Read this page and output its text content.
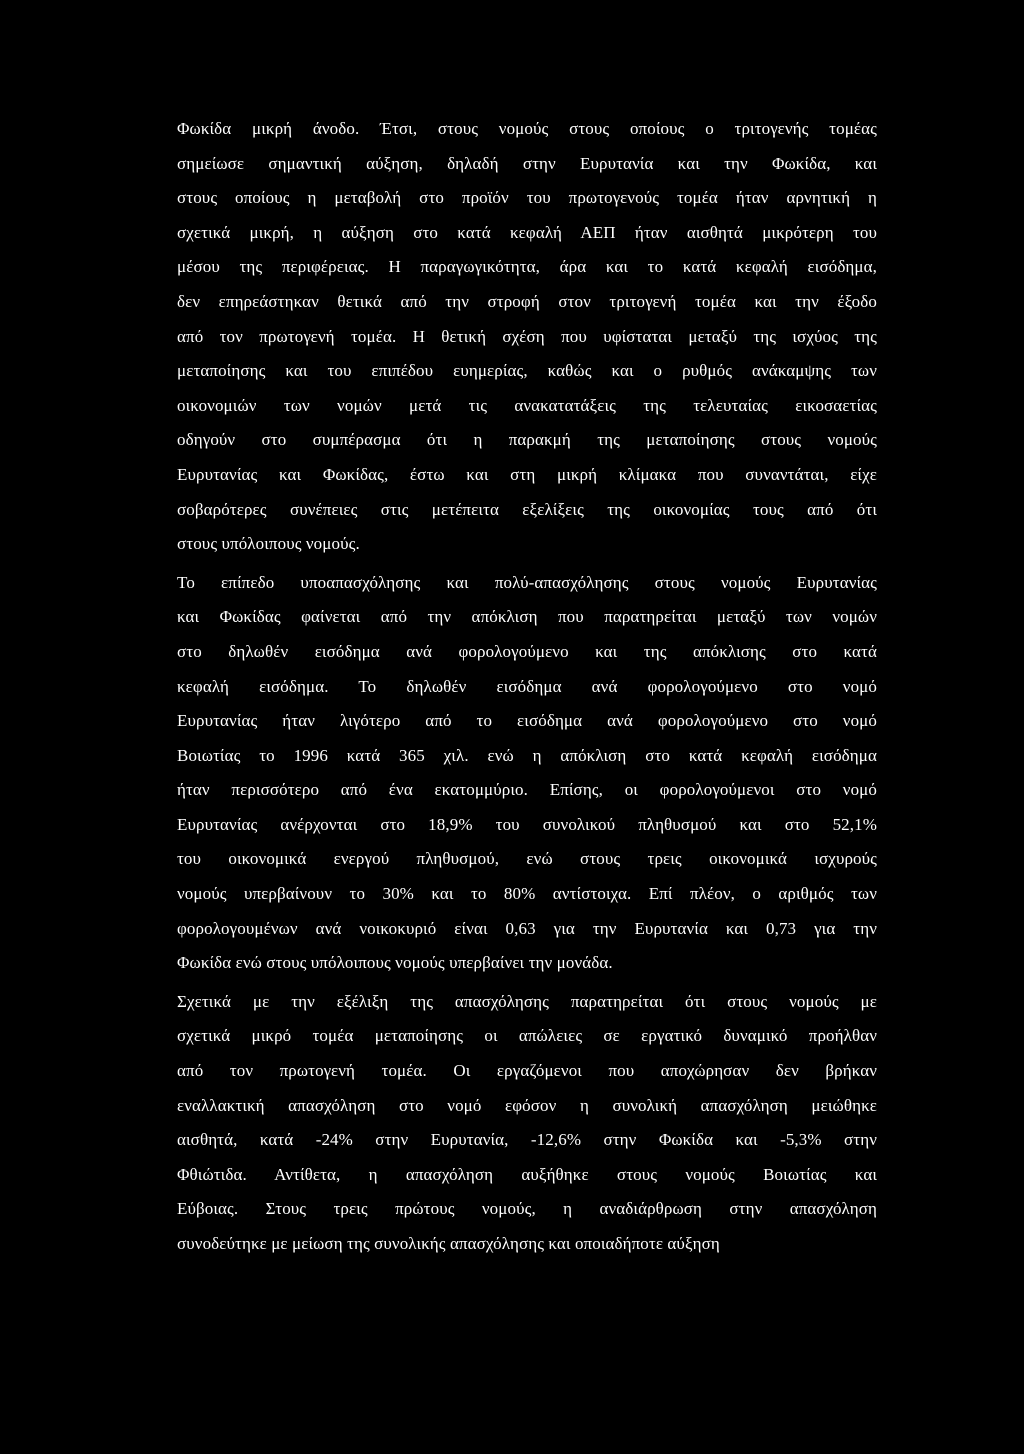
Φωκίδα μικρή άνοδο. Έτσι, στους νομούς στους οποίους ο τριτογενής τομέας
σημείωσε σημαντική αύξηση, δηλαδή στην Ευρυτανία και την Φωκίδα, και
στους οποίους η μεταβολή στο προϊόν του πρωτογενούς τομέα ήταν αρνητική η
σχετικά μικρή, η αύξηση στο κατά κεφαλή ΑΕΠ ήταν αισθητά μικρότερη του
μέσου της περιφέρειας. Η παραγωγικότητα, άρα και το κατά κεφαλή εισόδημα,
δεν επηρεάστηκαν θετικά από την στροφή στον τριτογενή τομέα και την έξοδο
από τον πρωτογενή τομέα. Η θετική σχέση που υφίσταται μεταξύ της ισχύος της
μεταποίησης και του επιπέδου ευημερίας, καθώς και ο ρυθμός ανάκαμψης των
οικονομιών των νομών μετά τις ανακατατάξεις της τελευταίας εικοσαετίας
οδηγούν στο συμπέρασμα ότι η παρακμή της μεταποίησης στους νομούς
Ευρυτανίας και Φωκίδας, έστω και στη μικρή κλίμακα που συναντάται, είχε
σοβαρότερες συνέπειες στις μετέπειτα εξελίξεις της οικονομίας τους από ότι
στους υπόλοιπους νομούς.

Το επίπεδο υποαπασχόλησης και πολύ-απασχόλησης στους νομούς Ευρυτανίας
και Φωκίδας φαίνεται από την απόκλιση που παρατηρείται μεταξύ των νομών
στο δηλωθέν εισόδημα ανά φορολογούμενο και της απόκλισης στο κατά
κεφαλή εισόδημα. Το δηλωθέν εισόδημα ανά φορολογούμενο στο νομό
Ευρυτανίας ήταν λιγότερο από το εισόδημα ανά φορολογούμενο στο νομό
Βοιωτίας το 1996 κατά 365 χιλ. ενώ η απόκλιση στο κατά κεφαλή εισόδημα
ήταν περισσότερο από ένα εκατομμύριο. Επίσης, οι φορολογούμενοι στο νομό
Ευρυτανίας ανέρχονται στο 18,9% του συνολικού πληθυσμού και στο 52,1%
του οικονομικά ενεργού πληθυσμού, ενώ στους τρεις οικονομικά ισχυρούς
νομούς υπερβαίνουν το 30% και το 80% αντίστοιχα. Επί πλέον, ο αριθμός των
φορολογουμένων ανά νοικοκυριό είναι 0,63 για την Ευρυτανία και 0,73 για την
Φωκίδα ενώ στους υπόλοιπους νομούς υπερβαίνει την μονάδα.

Σχετικά με την εξέλιξη της απασχόλησης παρατηρείται ότι στους νομούς με
σχετικά μικρό τομέα μεταποίησης οι απώλειες σε εργατικό δυναμικό προήλθαν
από τον πρωτογενή τομέα. Οι εργαζόμενοι που αποχώρησαν δεν βρήκαν
εναλλακτική απασχόληση στο νομό εφόσον η συνολική απασχόληση μειώθηκε
αισθητά, κατά -24% στην Ευρυτανία, -12,6% στην Φωκίδα και -5,3% στην
Φθιώτιδα. Αντίθετα, η απασχόληση αυξήθηκε στους νομούς Βοιωτίας και
Εύβοιας. Στους τρεις πρώτους νομούς, η αναδιάρθρωση στην απασχόληση
συνοδεύτηκε με μείωση της συνολικής απασχόλησης και οποιαδήποτε αύξηση
